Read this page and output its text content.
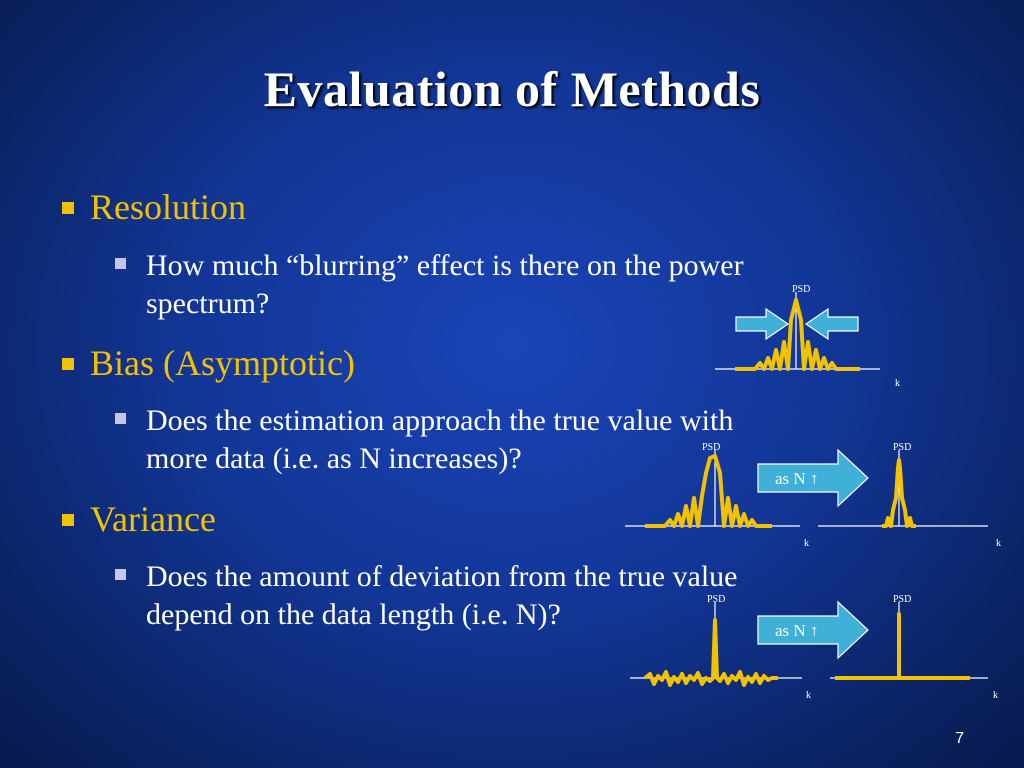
Evaluation of Methods
Resolution
How much “blurring” effect is there on the power
spectrum?
Bias (Asymptotic)
Does the estimation approach the true value with
more data (i.e. as N increases)?
Variance
Does the amount of deviation from the true value
depend on the data length (i.e. N)?
PSD
k
PSD
k
as N ↑
PSD
k
PSD
k
as N ↑
PSD
k
7
